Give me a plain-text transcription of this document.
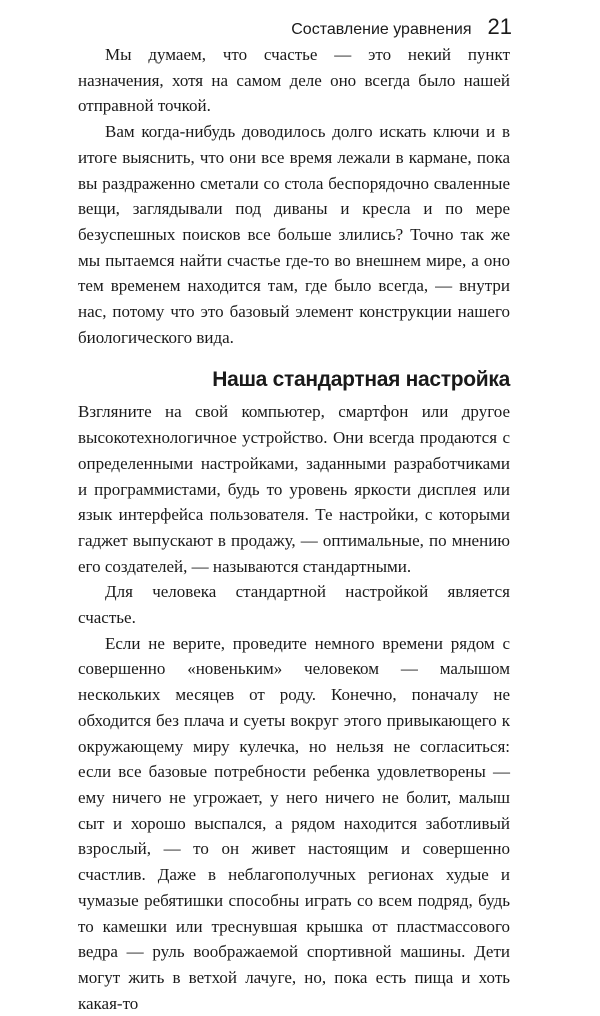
Составление уравнения 21

Мы думаем, что счастье — это некий пункт назначения, хотя на самом деле оно всегда было нашей отправной точкой.

Вам когда-нибудь доводилось долго искать ключи и в итоге выяснить, что они все время лежали в кармане, пока вы раздраженно сметали со стола беспорядочно сваленные вещи, заглядывали под диваны и кресла и по мере безуспешных поисков все больше злились? Точно так же мы пытаемся найти счастье где-то во внешнем мире, а оно тем временем находится там, где было всегда, — внутри нас, потому что это базовый элемент конструкции нашего биологического вида.

Наша стандартная настройка

Взгляните на свой компьютер, смартфон или другое высокотехнологичное устройство. Они всегда продаются с определенными настройками, заданными разработчиками и программистами, будь то уровень яркости дисплея или язык интерфейса пользователя. Те настройки, с которыми гаджет выпускают в продажу, — оптимальные, по мнению его создателей, — называются стандартными.

Для человека стандартной настройкой является счастье.

Если не верите, проведите немного времени рядом с совершенно «новеньким» человеком — малышом нескольких месяцев от роду. Конечно, поначалу не обходится без плача и суеты вокруг этого привыкающего к окружающему миру кулечка, но нельзя не согласиться: если все базовые потребности ребенка удовлетворены — ему ничего не угрожает, у него ничего не болит, малыш сыт и хорошо выспался, а рядом находится заботливый взрослый, — то он живет настоящим и совершенно счастлив. Даже в неблагополучных регионах худые и чумазые ребятишки способны играть со всем подряд, будь то камешки или треснувшая крышка от пластмассового ведра — руль воображаемой спортивной машины. Дети могут жить в ветхой лачуге, но, пока есть пища и хоть какая-то
